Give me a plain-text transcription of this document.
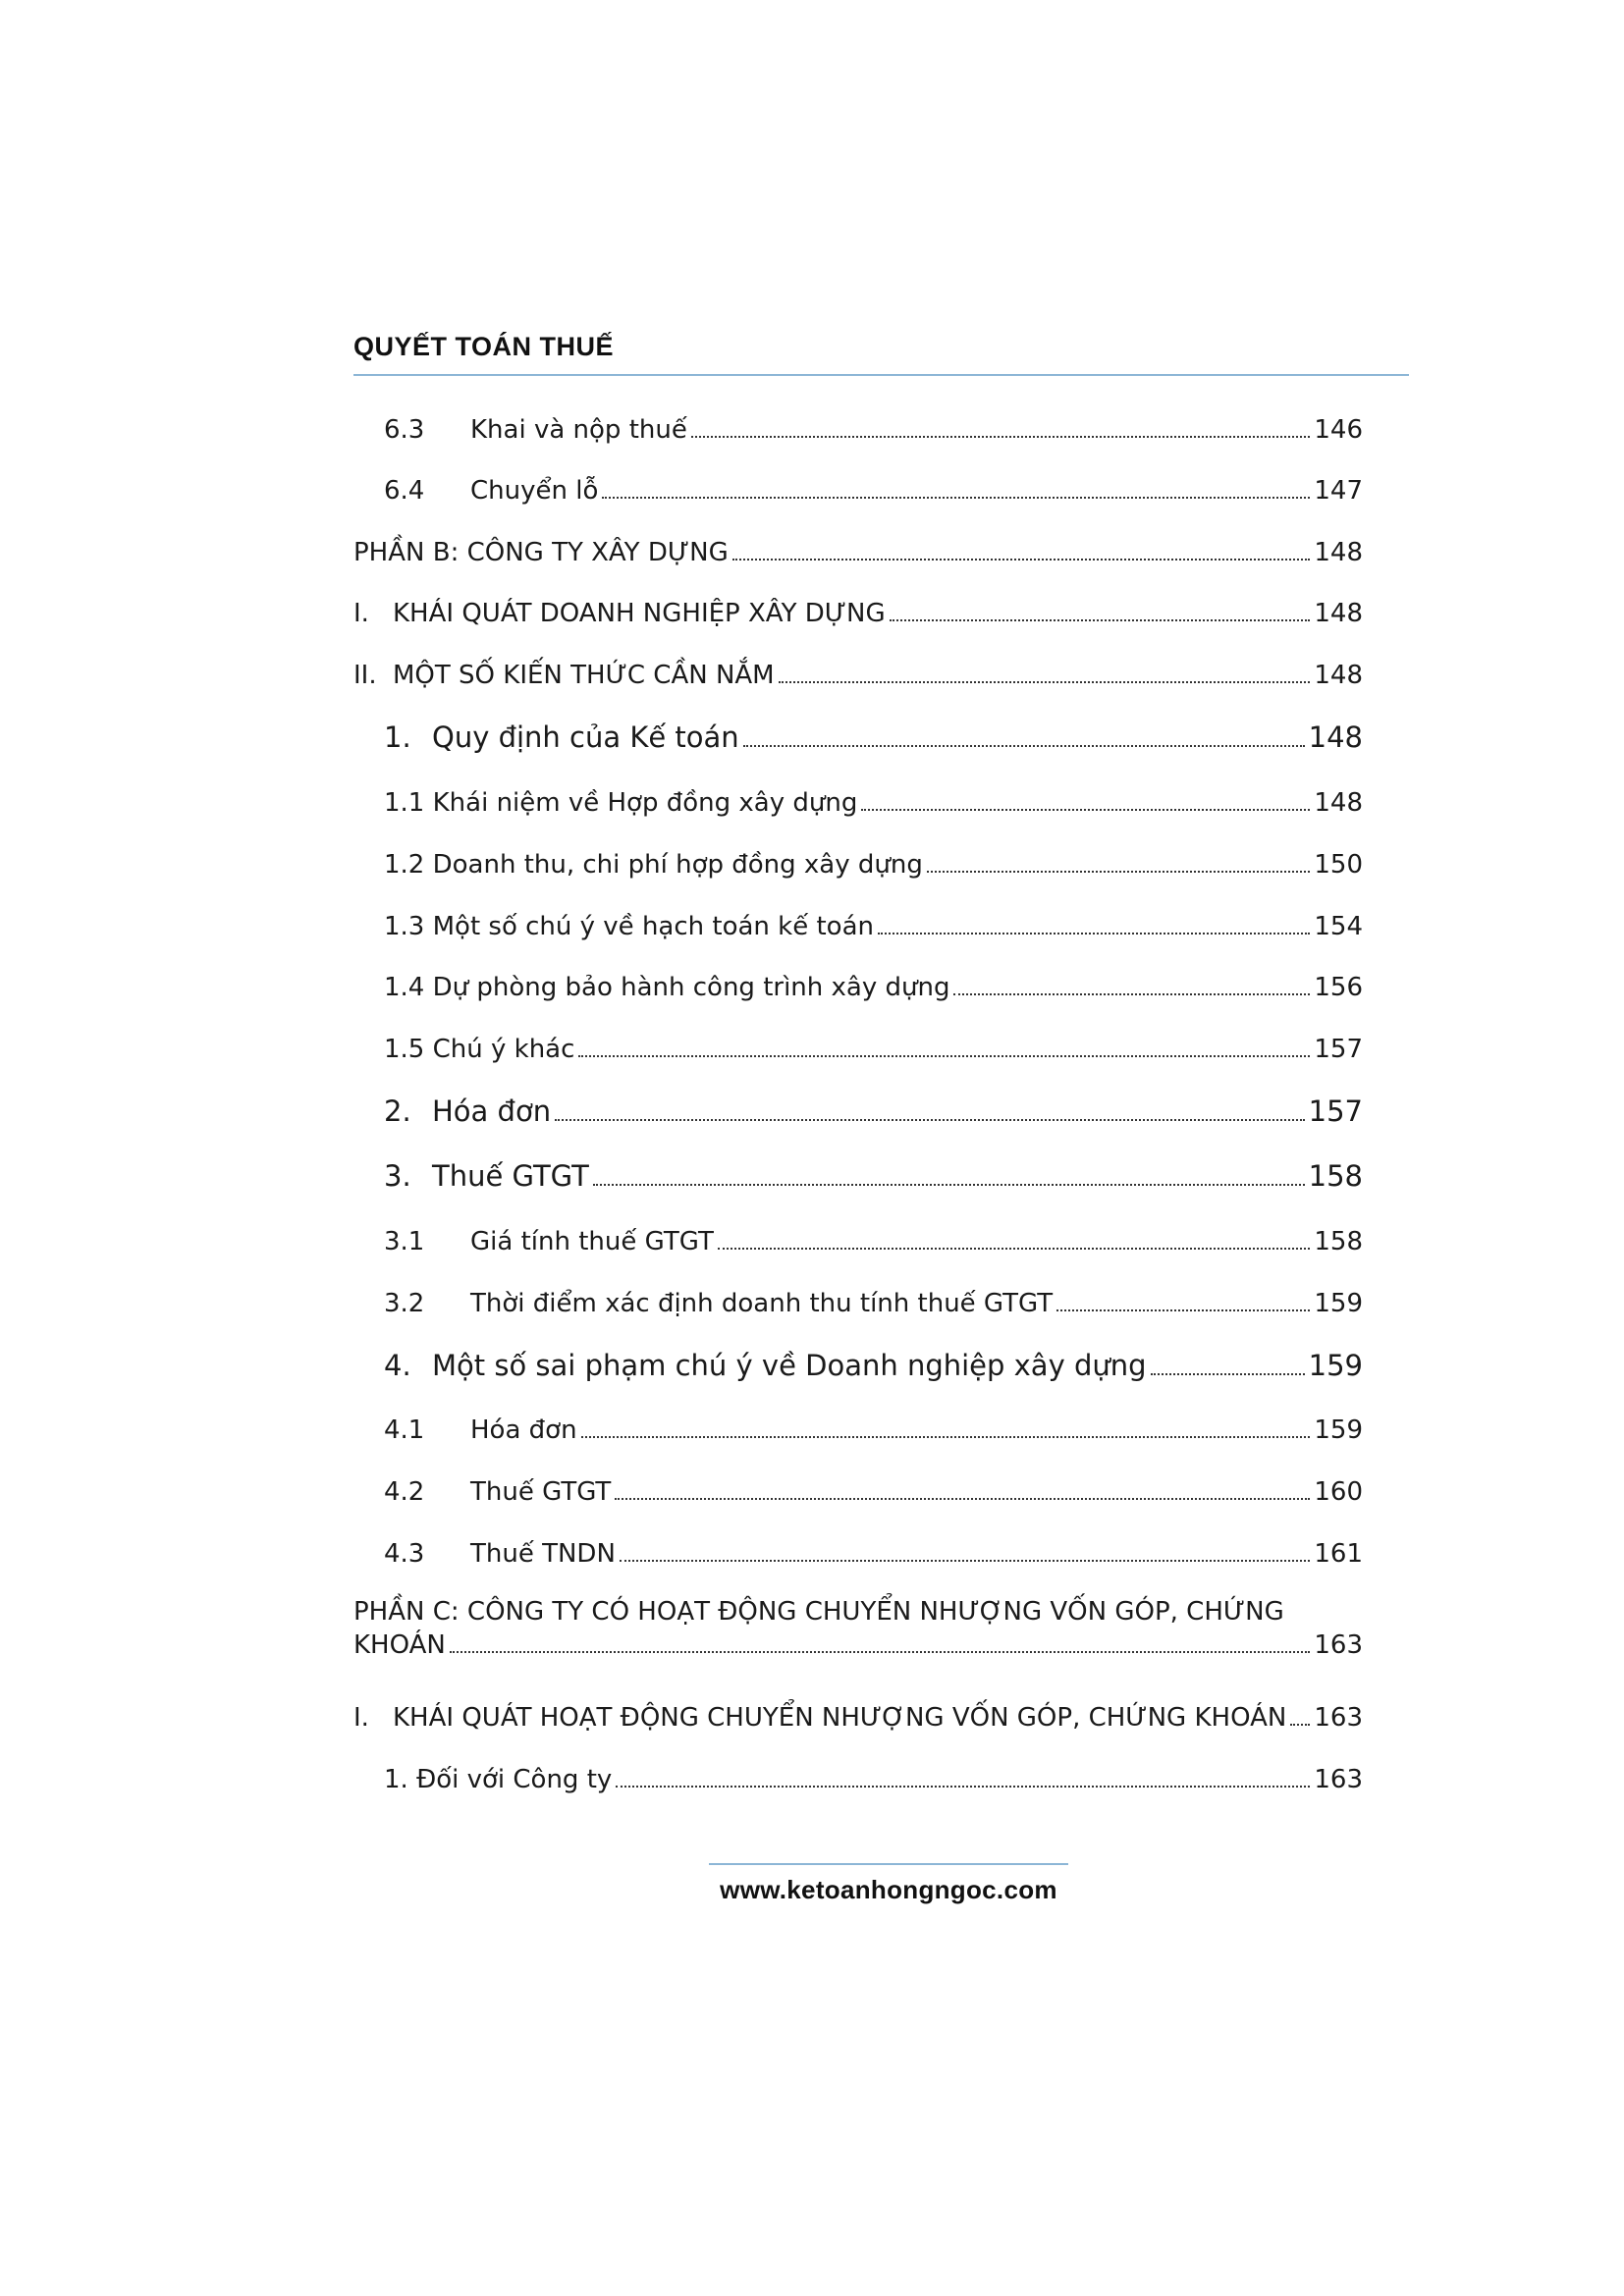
QUYẾT TOÁN THUẾ
6.3	Khai và nộp thuế	146
6.4	Chuyển lỗ	147
PHẦN B: CÔNG TY XÂY DỰNG	148
I. KHÁI QUÁT DOANH NGHIỆP XÂY DỰNG	148
II. MỘT SỐ KIẾN THỨC CẦN NẮM	148
1. Quy định của Kế toán	148
1.1 Khái niệm về Hợp đồng xây dựng	148
1.2 Doanh thu, chi phí hợp đồng xây dựng	150
1.3 Một số chú ý về hạch toán kế toán	154
1.4 Dự phòng bảo hành công trình xây dựng	156
1.5 Chú ý khác	157
2. Hóa đơn	157
3. Thuế GTGT	158
3.1	Giá tính thuế GTGT	158
3.2	Thời điểm xác định doanh thu tính thuế GTGT	159
4. Một số sai phạm chú ý về Doanh nghiệp xây dựng	159
4.1	Hóa đơn	159
4.2	Thuế GTGT	160
4.3	Thuế TNDN	161
PHẦN C: CÔNG TY CÓ HOẠT ĐỘNG CHUYỂN NHƯỢNG VỐN GÓP, CHỨNG
KHOÁN	163
I. KHÁI QUÁT HOẠT ĐỘNG CHUYỂN NHƯỢNG VỐN GÓP, CHỨNG KHOÁN 163
1. Đối với Công ty	163
www.ketoanhongngoc.com
